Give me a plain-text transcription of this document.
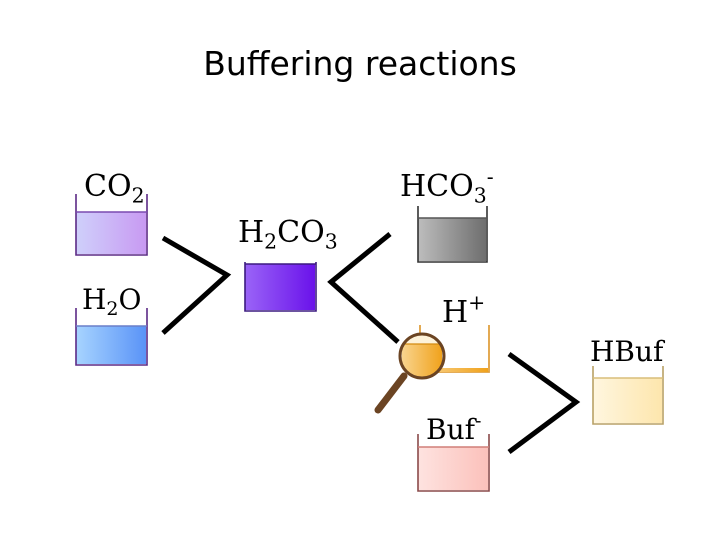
Buffering reactions
$CO_2$
$H_2O$
$H_2CO_3$
$HCO_3^-$
H+
HBuf
Buf-
